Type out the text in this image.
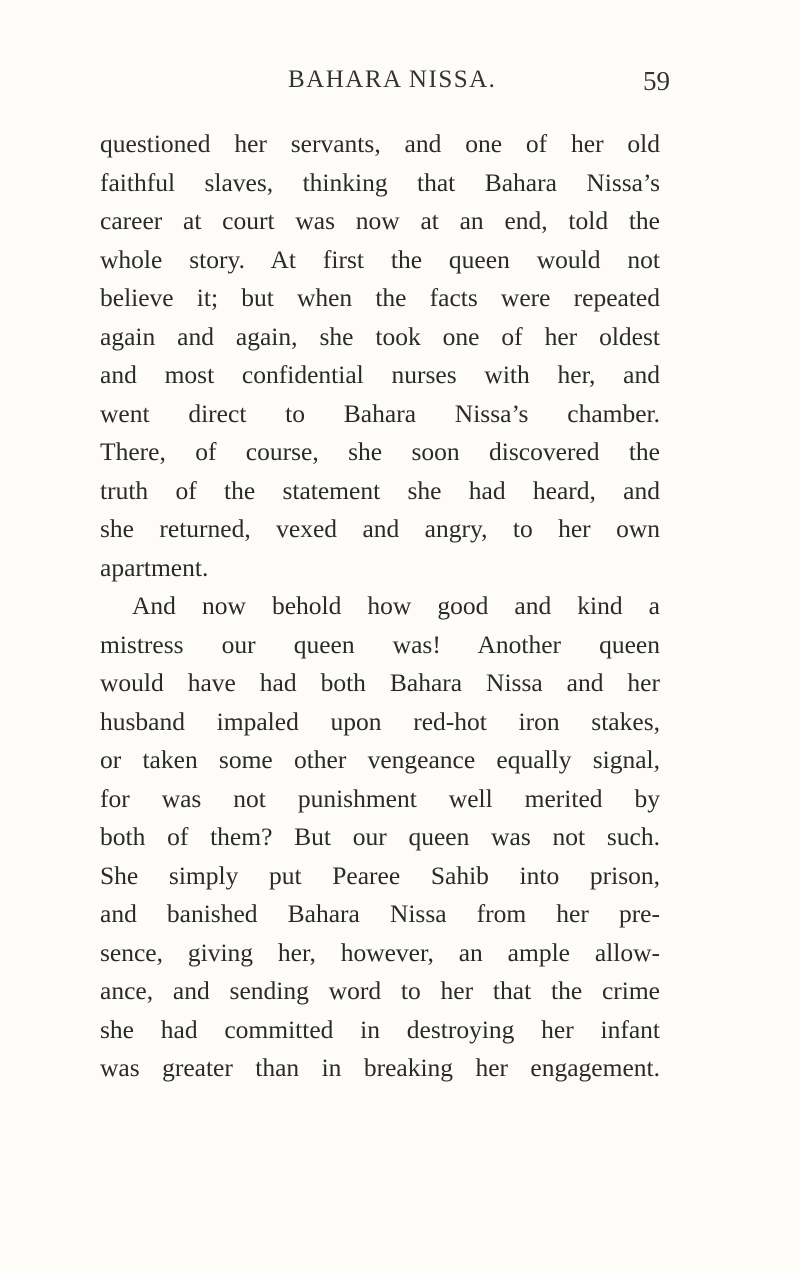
BAHARA NISSA.	59
questioned her servants, and one of her old
faithful slaves, thinking that Bahara Nissa’s
career at court was now at an end, told the
whole story. At first the queen would not
believe it; but when the facts were repeated
again and again, she took one of her oldest
and most confidential nurses with her, and
went direct to Bahara Nissa’s chamber.
There, of course, she soon discovered the
truth of the statement she had heard, and
she returned, vexed and angry, to her own
apartment.
And now behold how good and kind a
mistress our queen was! Another queen
would have had both Bahara Nissa and her
husband impaled upon red-hot iron stakes,
or taken some other vengeance equally signal,
for was not punishment well merited by
both of them? But our queen was not such.
She simply put Pearee Sahib into prison,
and banished Bahara Nissa from her pre-
sence, giving her, however, an ample allow-
ance, and sending word to her that the crime
she had committed in destroying her infant
was greater than in breaking her engagement.
